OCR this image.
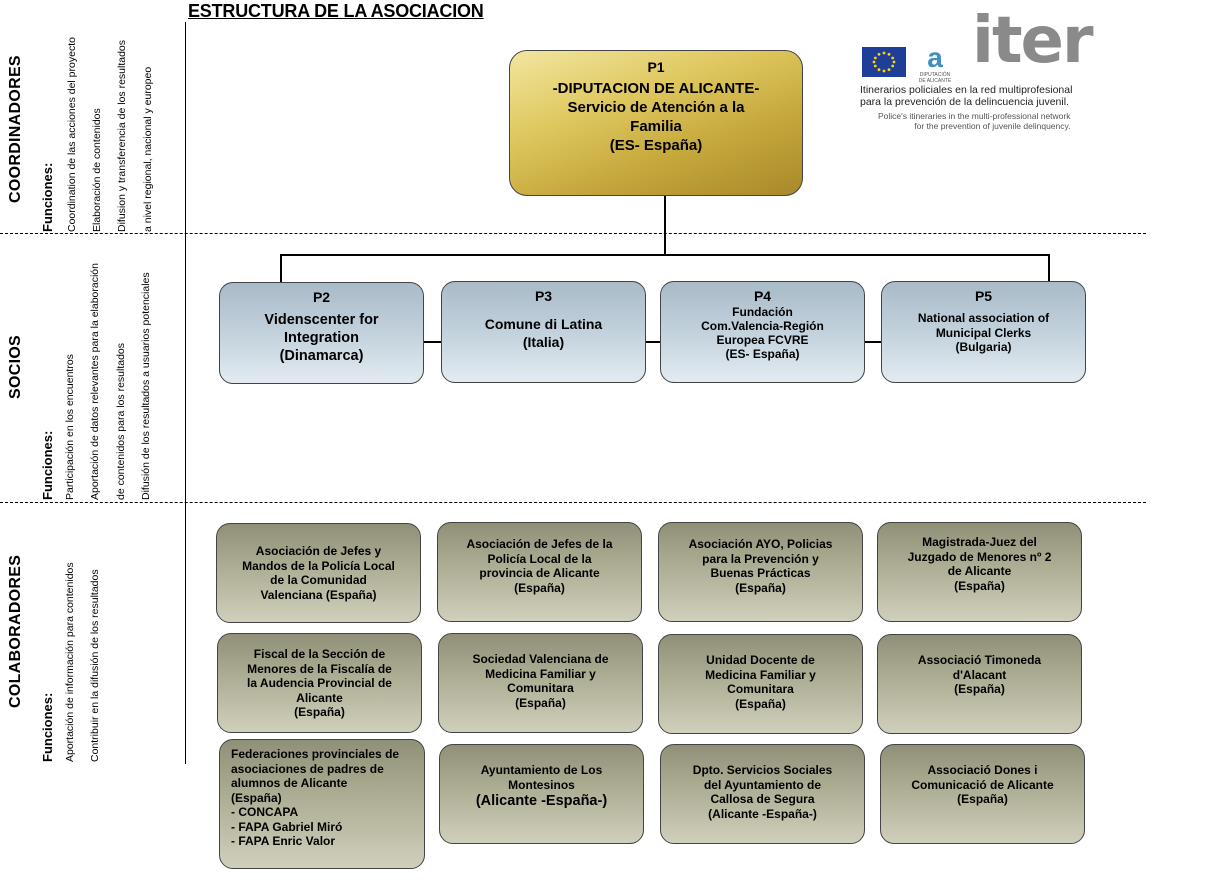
ESTRUCTURA DE LA ASOCIACION
COORDINADORES Funciones: Coordination de las acciones del proyecto Elaboración de contenidos Difusion y transferencia de los resultados a nivel regional, nacional y europeo
SOCIOS
Funciones: Participación en los encuentros Aportación de datos relevantes para la elaboración de contenidos para los resultados Difusión de los resultados a usuarios potenciales
COLABORADORES
Funciones: Aportación de información para contenidos Contribuir en la difusión de los resultados
P1
-DIPUTACION DE ALICANTE-
Servicio de Atención a la
Familia
(ES- España)
P2
Videnscenter for
Integration
(Dinamarca)
P3
Comune di Latina
(Italia)
P4
Fundación
Com.Valencia-Región
Europea FCVRE
(ES- España)
P5
National association of
Municipal Clerks
(Bulgaria)
Asociación de Jefes y
Mandos de la Policía Local
de la Comunidad
Valenciana (España)
Asociación de Jefes de la
Policía Local de la
provincia de Alicante
(España)
Asociación AYO, Policias
para la Prevención y
Buenas Prácticas
(España)
Magistrada-Juez del
Juzgado de Menores nº 2
de Alicante
(España)
Fiscal de la Sección de
Menores de la Fiscalía de
la Audencia Provincial de
Alicante
(España)
Sociedad Valenciana de
Medicina Familiar y
Comunitara
(España)
Unidad Docente de
Medicina Familiar y
Comunitara
(España)
Associació Timoneda
d'Alacant
(España)
Federaciones provinciales de
asociaciones de padres de
alumnos de Alicante
(España)
- CONCAPA
- FAPA Gabriel Miró
- FAPA Enric Valor
Ayuntamiento de Los
Montesinos
(Alicante -España-)
Dpto. Servicios Sociales
del Ayuntamiento de
Callosa de Segura
(Alicante -España-)
Associació Dones i
Comunicació de Alicante
(España)
a
DIPUTACIÓN DE ALICANTE
iter
Itinerarios policiales en la red multiprofesional
para la prevención de la delincuencia juvenil.
Police's itineraries in the multi-professional network
for the prevention of juvenile delinquency.
